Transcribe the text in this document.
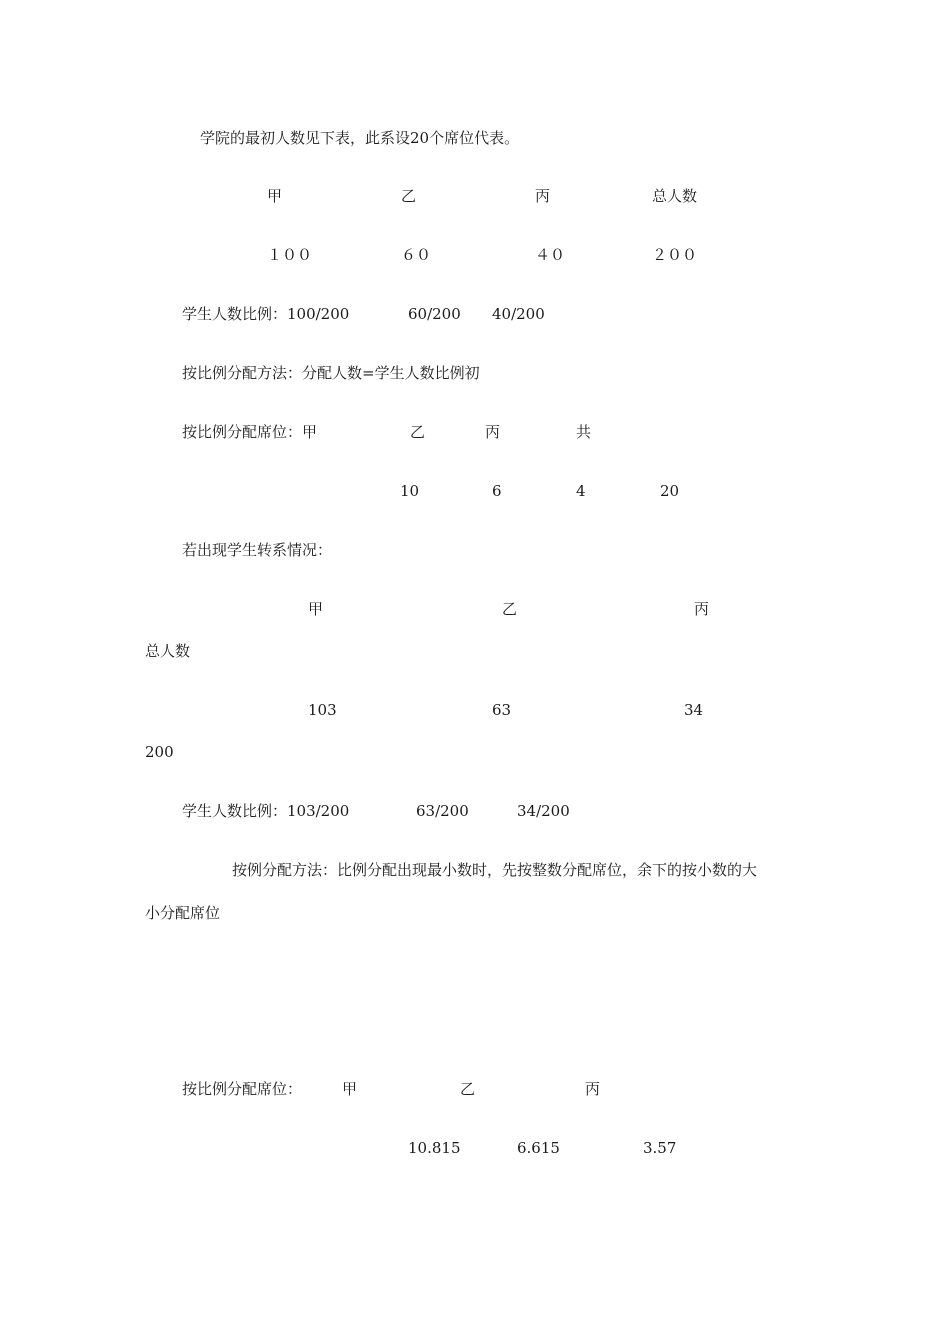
学院的最初人数见下表，此系设20个席位代表。
甲	乙	丙	总人数
１００	６０	４０	２００
学生人数比例：100/200	60/200 40/200
按比例分配方法：分配人数=学生人数比例初
按比例分配席位：甲	乙	丙	共
10	6	4	20
若出现学生转系情况：
甲	乙	丙
总人数
103	63	34
200
学生人数比例：103/200	63/200	34/200
按例分配方法：比例分配出现最小数时，先按整数分配席位，余下的按小数的大
小分配席位
按比例分配席位：	甲	乙	丙
10.815	6.615	3.57
